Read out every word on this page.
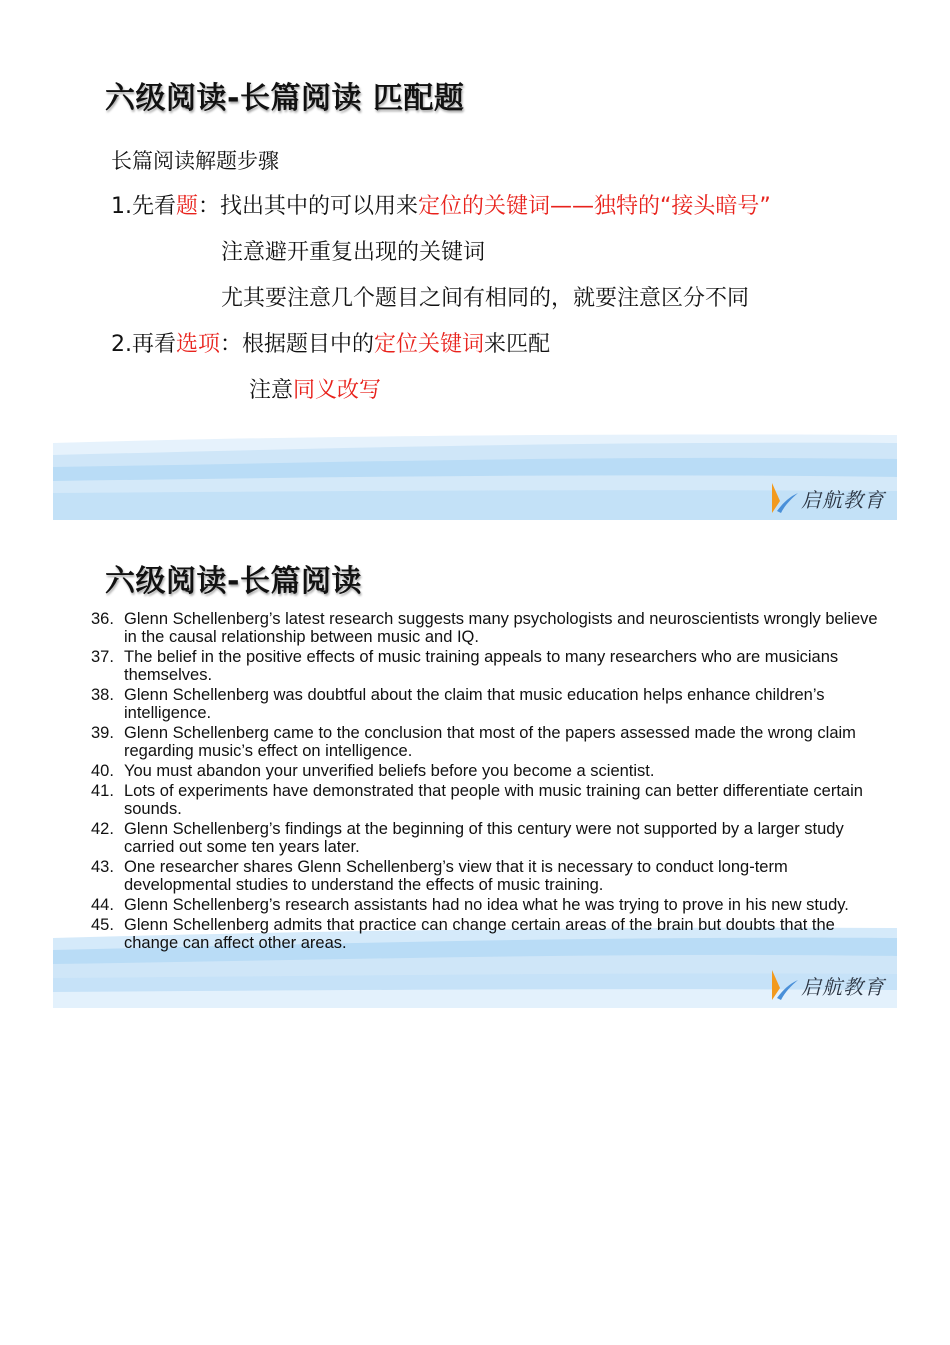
六级阅读-长篇阅读 匹配题
长篇阅读解题步骤
1.先看题：找出其中的可以用来定位的关键词——独特的“接头暗号”
注意避开重复出现的关键词
尤其要注意几个题目之间有相同的，就要注意区分不同
2.再看选项：根据题目中的定位关键词来匹配
注意同义改写
启航教育
六级阅读-长篇阅读
36. Glenn Schellenberg’s latest research suggests many psychologists and neuroscientists wrongly believe in the causal relationship between music and IQ.
37. The belief in the positive effects of music training appeals to many researchers who are musicians themselves.
38. Glenn Schellenberg was doubtful about the claim that music education helps enhance children’s intelligence.
39. Glenn Schellenberg came to the conclusion that most of the papers assessed made the wrong claim regarding music’s effect on intelligence.
40. You must abandon your unverified beliefs before you become a scientist.
41. Lots of experiments have demonstrated that people with music training can better differentiate certain sounds.
42. Glenn Schellenberg’s findings at the beginning of this century were not supported by a larger study carried out some ten years later.
43. One researcher shares Glenn Schellenberg’s view that it is necessary to conduct long-term developmental studies to understand the effects of music training.
44. Glenn Schellenberg’s research assistants had no idea what he was trying to prove in his new study.
45. Glenn Schellenberg admits that practice can change certain areas of the brain but doubts that the change can affect other areas.
启航教育
